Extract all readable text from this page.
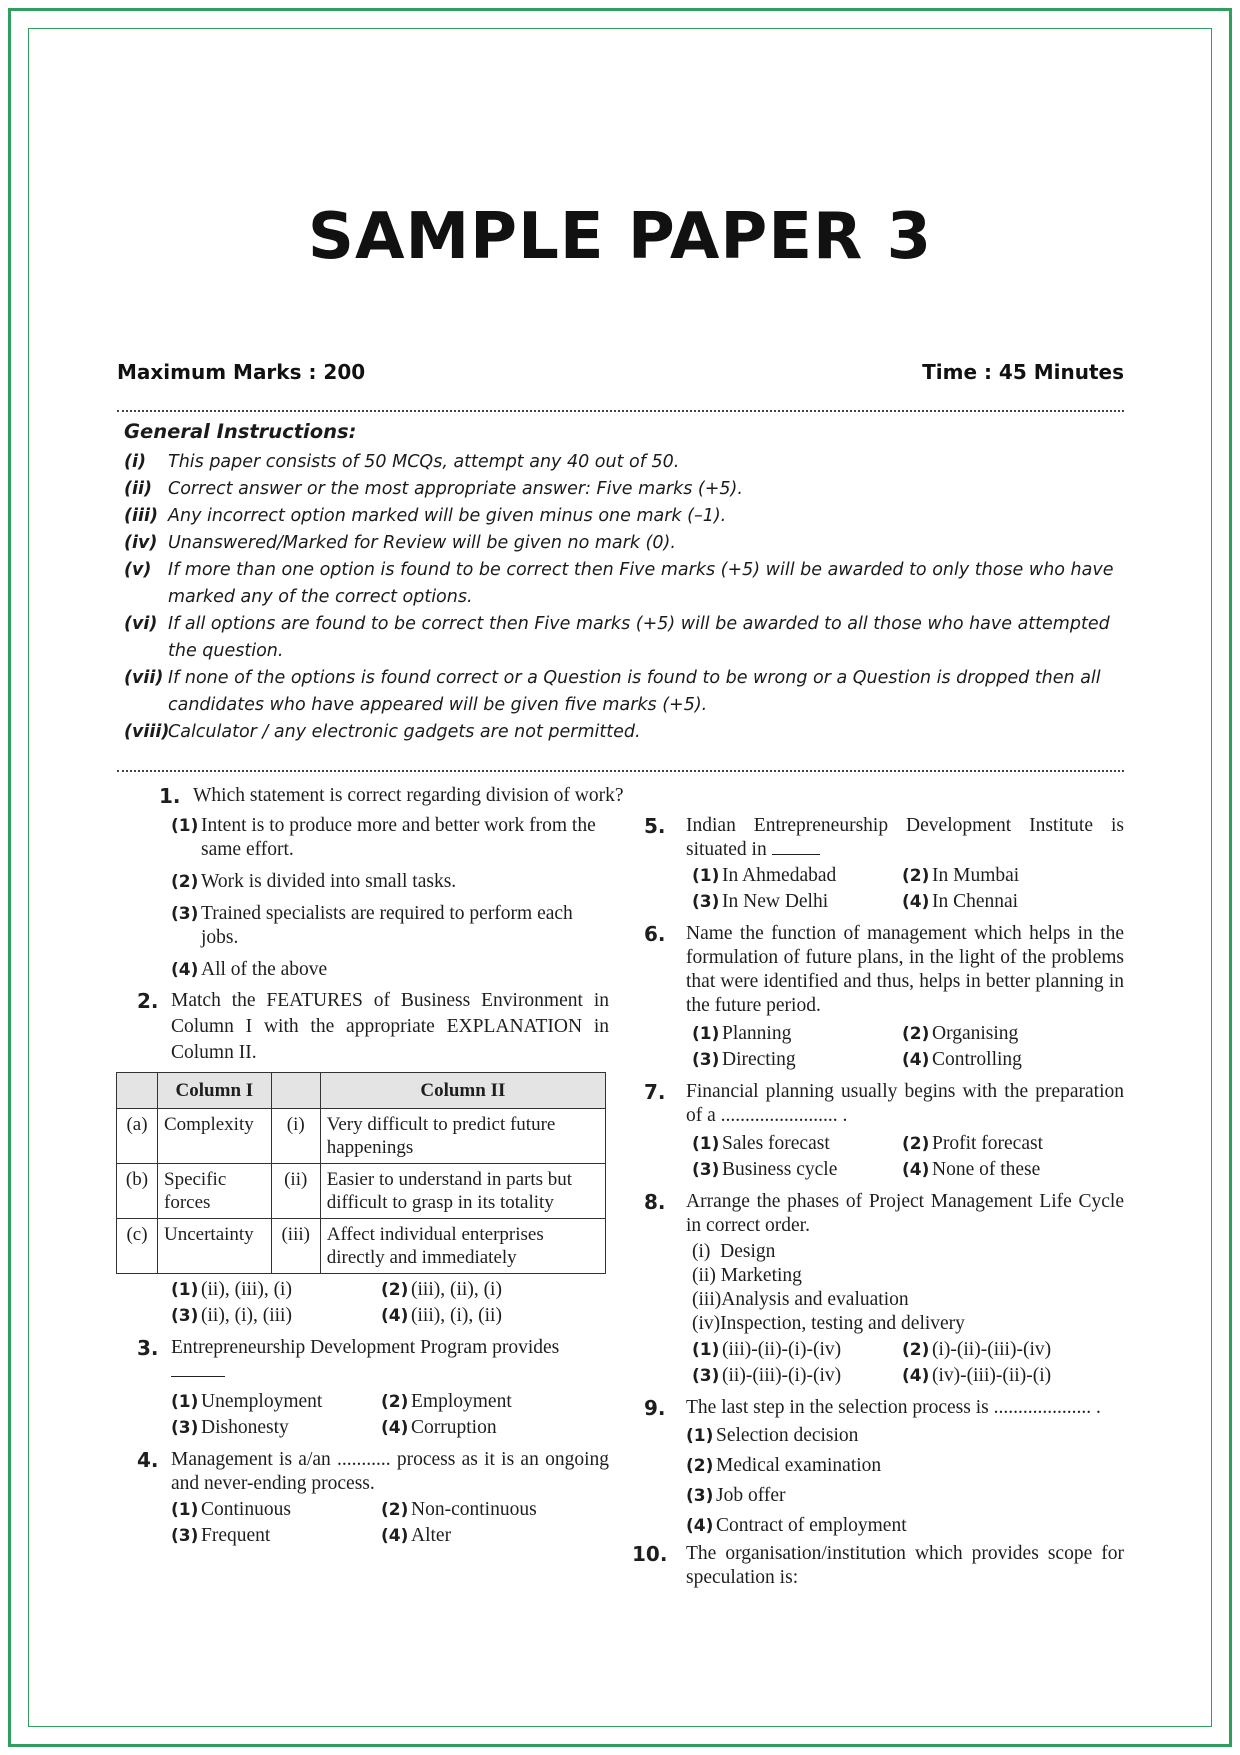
SAMPLE PAPER 3
Maximum Marks : 200	Time : 45 Minutes
General Instructions:
(i)	This paper consists of 50 MCQs, attempt any 40 out of 50.
(ii) Correct answer or the most appropriate answer: Five marks (+5).
(iii) Any incorrect option marked will be given minus one mark (–1).
(iv) Unanswered/Marked for Review will be given no mark (0).
(v) If more than one option is found to be correct then Five marks (+5) will be awarded to only those who have marked any of the correct options.
(vi) If all options are found to be correct then Five marks (+5) will be awarded to all those who have attempted the question.
(vii) If none of the options is found correct or a Question is found to be wrong or a Question is dropped then all candidates who have appeared will be given five marks (+5).
(viii)
Calculator / any electronic gadgets are not permitted.
1. Which statement is correct regarding division of work?
(1) Intent is to produce more and better work from the same effort.
(2) Work is divided into small tasks.
(3) Trained specialists are required to perform each jobs.
(4) All of the above
2. Match the FEATURES of Business Environment in Column I with the appropriate EXPLANATION in Column II.
	Column I		Column II
(a)	Complexity	(i)	Very difficult to predict future happenings
(b)	Specific forces	(ii)	Easier to understand in parts but difficult to grasp in its totality
(c)	Uncertainty	(iii)	Affect individual enterprises directly and immediately
(1) (ii), (iii), (i)	(2) (iii), (ii), (i)
(3) (ii), (i), (iii)	(4) (iii), (i), (ii)
3. Entrepreneurship Development Program provides

(1) Unemployment	(2) Employment
(3) Dishonesty	(4) Corruption
4. Management is a/an ........... process as it is an ongoing and never-ending process.
(1) Continuous	(2) Non-continuous
(3) Frequent	(4) Alter
5.	Indian Entrepreneurship Development Institute is situated in
(1) In Ahmedabad	(2) In Mumbai
(3) In New Delhi	(4) In Chennai
6.	Name the function of management which helps in the formulation of future plans, in the light of the problems that were identified and thus, helps in better planning in the future period.
(1) Planning	(2) Organising
(3) Directing	(4) Controlling
7.	Financial planning usually begins with the preparation of a ........................ .
(1) Sales forecast	(2) Profit forecast
(3) Business cycle	(4) None of these
8.	Arrange the phases of Project Management Life Cycle in correct order.
(i)  Design
(ii) Marketing
(iii)Analysis and evaluation
(iv)Inspection, testing and delivery
(1) (iii)-(ii)-(i)-(iv)	(2) (i)-(ii)-(iii)-(iv)
(3) (ii)-(iii)-(i)-(iv)	(4) (iv)-(iii)-(ii)-(i)
9.	The last step in the selection process is .................... .
(1) Selection decision
(2) Medical examination
(3) Job offer
(4) Contract of employment
10. The organisation/institution which provides scope for speculation is:
